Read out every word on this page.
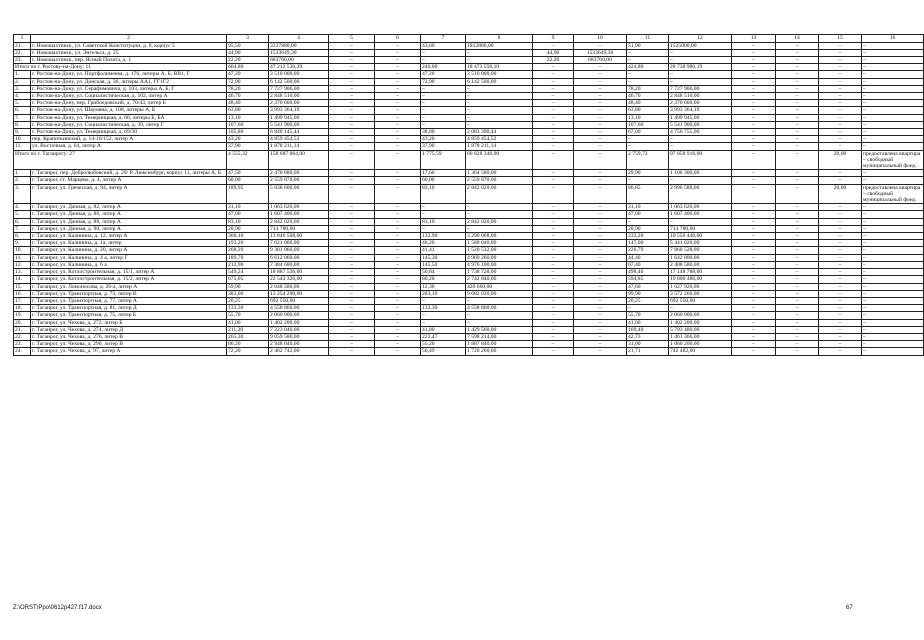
1	2	3	4	5	6	7	8	9	10	11	12	13	14	15	16
21.	г. Новошахтинск, ул. Советской Конституции, д. 8, корпус 5	95,50	3337880,00	–	–	43,60	1812880,00	–	–	51,90	1525000,00	–	–	–	–
22.	г. Новошахтинск, ул. Энгельса, д. 25	44,90	1533649,30	–	–	–	–	44,90	1533649,30	–	–	–	–	–	–
23.	г. Новошахтинск, пер. Ясный Полата, д. 1	22,20	683760,00	–	–	–	–	22,20	683760,00	–	–	–	–	–	–
Итого по г. Ростову-на-Дону: 11		664,80	47 212 536,29	–	–	240,00	18 473 556,10	–	–	424,80	28 738 980,19	–	–	–	–
1.	г. Ростов-на-Дону, ул. Портфолимеева, д. 176, литеры А, Б, ВВ1, Г	47,20	3 510 000,00	–	–	47,20	3 510 000,00	–	–	–	–	–	–	–	–
2.	г. Ростов-на-Дону, ул. Донская, д. 36, литеры АА1, ГГ1Г2	72,90	6 142 500,00	–	–	72,90	6 142 500,00	–	–	–	–	–	–	–	–
3.	г. Ростов-на-Дону, ул. Серафимовича, д. 103, литеры А, Б, Г	78,20	7 727 906,00	–	–	–	–	–	–	78,20	7 727 906,00	–	–	–	–
4.	г. Ростов-на-Дону, ул. Социалистическая, д. 102, литер А	46,70	2 848 510,00	–	–	–	–	–	–	46,70	2 848 510,00	–	–	–	–
5.	г. Ростов-на-Дону, пер. Грибоедовский, д. 70/43, литер Б	48,40	2 370 600,00	–	–	–	–	–	–	48,40	2 370 600,00	–	–	–	–
6.	г. Ростов-на-Дону, ул. Шаумяна, д. 108, литеры А, Б	63,80	3 993 364,19	–	–	–	–	–	–	63,80	3 993 364,19	–	–	–	–
7.	г. Ростов-на-Дону, ул. Темерницкая, д. 66, литеры Б, БА	13,10	1 499 945,00	–	–	–	–	–	–	13,10	1 499 945,00	–	–	–	–
8.	г. Ростов-на-Дону, ул. Социалистическая, д. 39, литер Г	107,60	5 541 900,00	–	–	–	–	–	–	107,60	5 541 900,00	–	–	–	–
9.	г. Ростов-на-Дону, ул. Темерницкая, д. 69/30	105,80	6 840 145,44	–	–	38,80	2 083 390,44	–	–	67,00	4 756 755,00	–	–	–	–
10.	пер. Крапоткинский, д. 14-16/152, литер А	43,20	4 859 454,52	–	–	43,20	4 859 454,52	–	–	–	–	–	–	–	–
11.	ул. Восточная, д. 64, литер А	37,90	1 878 211,14	–	–	37,90	1 878 211,14	–	–	–	–	–	–	–	–
Итого по г. Таганрогу: 27		4 555,32	158 687 064,00	–	–	1 775,59	60 828 348,00	–	–	2 759,73	97 858 916,00	–	–	20,00	предоставлена квартира – свободный муниципальный фонд
1.	г. Таганрог, пер. Добролюбовский, д. 29/ Р. Люксембург, корпус 11, литеры А, Б	47,50	2 470 880,00	–	–	17,60	1 364 580,00	–	–	29,90	1 106 300,00	–	–	–	–
2.	г. Таганрог, ст. Марцево, д. 4, литер А	60,00	2 559 870,00	–	–	60,00	2 559 870,00	–	–	–	–	–	–	–	–
3.	г. Таганрог, ул. Греческая, д. 94, литер А	189,95	5 838 600,00	–	–	83,10	2 842 020,00	–	–	86,85	2 996 580,00	–	–	20,00	предоставлена квартира – свободный муниципальный фонд
4.	г. Таганрог, ул. Дачная, д. 82, литер А	31,10	1 063 620,00	–	–	–	–	–	–	31,10	1 063 620,00	–	–	–	–
5.	г. Таганрог, ул. Дачная, д. 86, литер А	47,00	1 607 400,00	–	–	–	–	–	–	47,00	1 607 400,00	–	–	–	–
6.	г. Таганрог, ул. Дачная, д. 88, литер А	83,10	2 842 020,00	–	–	83,10	2 842 020,00	–	–	–	–	–	–	–	–
7.	г. Таганрог, ул. Дачная, д. 90, литер А	20,90	714 780,00	–	–	–	–	–	–	20,90	714 780,00	–	–	–	–
8.	г. Таганрог, ул. Калинина, д. 12, литер А	366,10	13 846 508,00	–	–	132,90	3 290 068,00	–	–	233,20	10 556 440,00	–	–	–	–
9.	г. Таганрог, ул. Калинина, д. 1а, литер	193,20	7 021 060,00	–	–	46,20	1 580 040,00	–	–	147,00	5 441 020,00	–	–	–	–
10.	г. Таганрог, ул. Калинина, д. 20, литер А	268,20	9 381 060,00	–	–	41,41	1 520 532,00	–	–	226,79	7 860 528,00	–	–	–	–
11.	г. Таганрог, ул. Калинина, д. 4 а, литер Г	189,70	6 612 060,00	–	–	145,30	4 969 260,00	–	–	44,40	1 642 800,00	–	–	–	–
12.	г. Таганрог, ул. Калинина, д. 6 а	212,90	7 384 680,00	–	–	145,50	4 976 100,00	–	–	67,40	2 408 580,00	–	–	–	–
13.	г. Таганрог, ул. Котлостроительная, д. 15/1, литер А	549,24	18 887 536,00	–	–	50,84	1 738 728,00	–	–	498,40	17 148 788,00	–	–	–	–
14.	г. Таганрог, ул. Котлостроительная, д. 15/2, литер А	675,05	22 543 326,00	–	–	80,20	2 742 840,00	–	–	594,85	19 800 486,00	–	–	–	–
15.	г. Таганрог, ул. Ломоносова, д. 26-а, литер А	59,90	2 048 580,00	–	–	12,30	420 660,00	–	–	47,60	1 627 920,00	–	–	–	–
16.	г. Таганрог, ул. Транспортная, д. 73, литер В	383,00	13 254 290,00	–	–	283,10	9 682 020,00	–	–	99,90	3 572 260,00	–	–	–	–
17.	г. Таганрог, ул. Транспортная, д. 77, литер А	20,25	692 550,00	–	–	–	–	–	–	20,25	692 550,00	–	–	–	–
18.	г. Таганрог, ул. Транспортная, д. 81, литер Д	133,30	4 558 860,00	–	–	133,30	4 558 860,00	–	–	–	–	–	–	–	–
19.	г. Таганрог, ул. Транспортная, д. 75, литер Б	55,70	2 060 900,00	–	–	–	–	–	–	55,70	2 060 900,00	–	–	–	–
20.	г. Таганрог, ул. Чехова, д. 272, литер Б	41,00	1 402 200,00	–	–	–	–	–	–	41,00	1 402 200,00	–	–	–	–
21.	г. Таганрог, ул. Чехова, д. 274, литер Д	211,20	7 223 040,00	–	–	41,80	1 429 560,00	–	–	169,40	5 793 480,00	–	–	–	–
22.	г. Таганрог, ул. Чехова, д. 276, литер В	265,30	9 059 580,00	–	–	222,47	7 598 214,00	–	–	42,73	1 461 366,00	–	–	–	–
23.	г. Таганрог, ул. Чехова, д. 290, литер В	86,20	2 948 040,00	–	–	55,20	1 887 840,00	–	–	31,00	1 060 200,00	–	–	–	–
24.	г. Таганрог, ул. Чехова, д. 97, литер А	72,20	2 462 742,00	–	–	50,49	1 720 260,00	–	–	21,71	742 482,00	–	–	–	–
Z:\ORST\Ppo\0612p427.f17.docx	67
